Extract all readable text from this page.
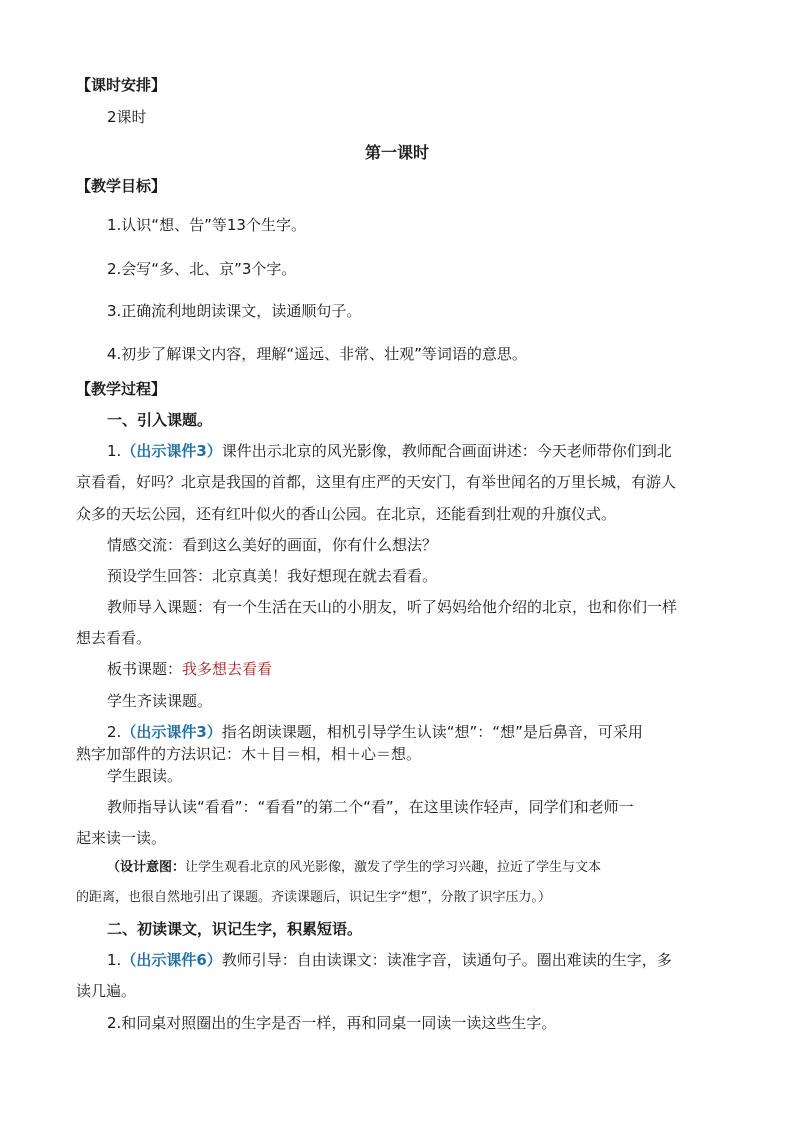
【课时安排】
2课时
第一课时
【教学目标】
1.认识“想、告”等13个生字。
2.会写“多、北、京”3个字。
3.正确流利地朗读课文，读通顺句子。
4.初步了解课文内容，理解“遥远、非常、壮观”等词语的意思。
【教学过程】
一、引入课题。
1.（出示课件3）课件出示北京的风光影像，教师配合画面讲述：今天老师带你们到北
京看看，好吗？北京是我国的首都，这里有庄严的天安门，有举世闻名的万里长城，有游人
众多的天坛公园，还有红叶似火的香山公园。在北京，还能看到壮观的升旗仪式。
情感交流：看到这么美好的画面，你有什么想法？
预设学生回答：北京真美！我好想现在就去看看。
教师导入课题：有一个生活在天山的小朋友，听了妈妈给他介绍的北京，也和你们一样
想去看看。
板书课题：我多想去看看
学生齐读课题。
2.（出示课件3）指名朗读课题，相机引导学生认读“想”：“想”是后鼻音，可采用
熟字加部件的方法识记：木＋目＝相，相＋心＝想。
学生跟读。
教师指导认读“看看”：“看看”的第二个“看”，在这里读作轻声，同学们和老师一
起来读一读。
（设计意图：让学生观看北京的风光影像，激发了学生的学习兴趣，拉近了学生与文本
的距离，也很自然地引出了课题。齐读课题后，识记生字“想”，分散了识字压力。）
二、初读课文，识记生字，积累短语。
1.（出示课件6）教师引导：自由读课文：读准字音，读通句子。圈出难读的生字，多
读几遍。
2.和同桌对照圈出的生字是否一样，再和同桌一同读一读这些生字。
